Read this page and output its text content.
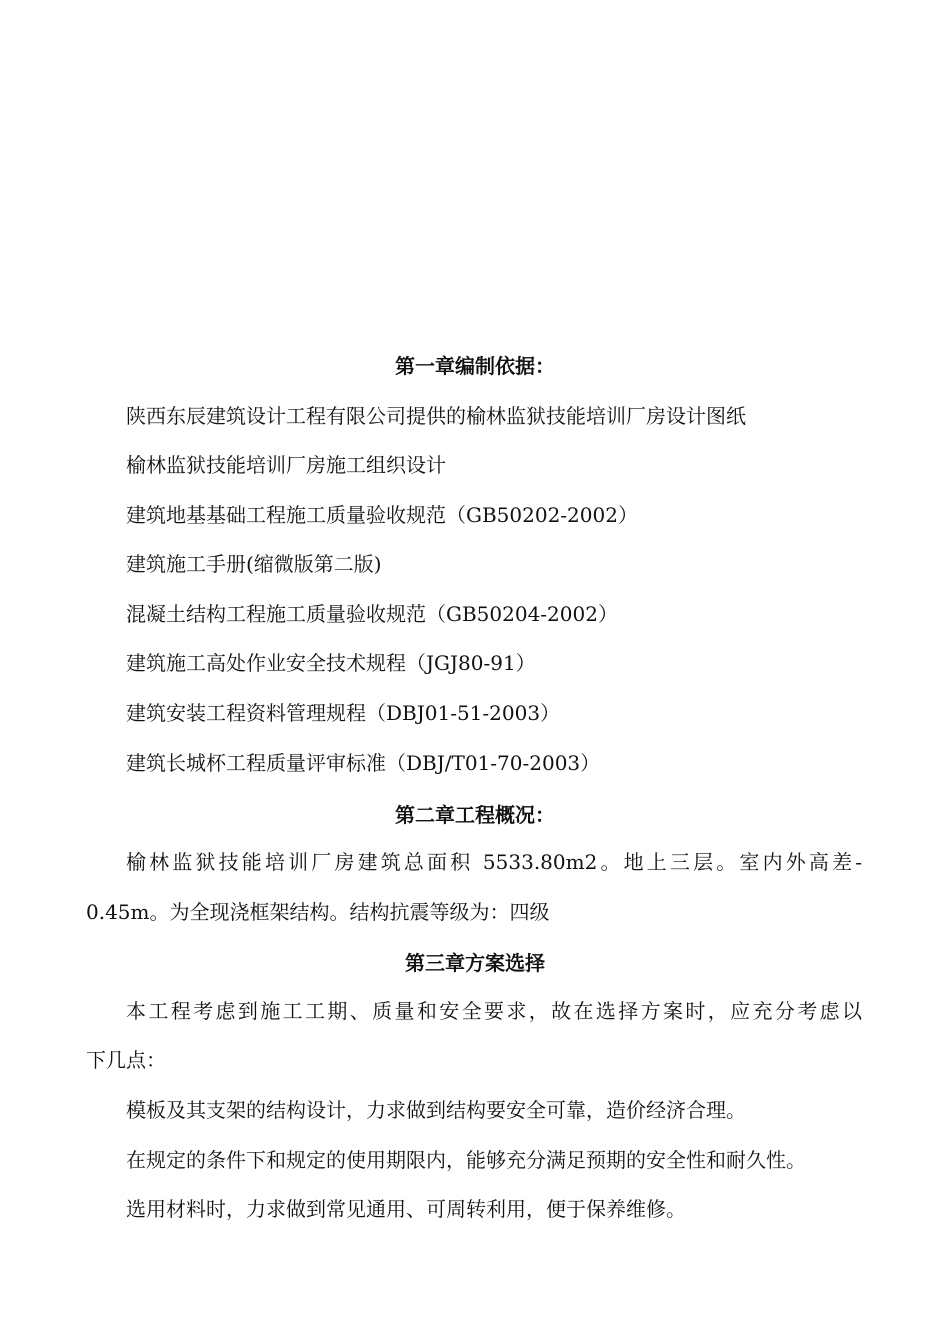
第一章编制依据：
陕西东辰建筑设计工程有限公司提供的榆林监狱技能培训厂房设计图纸
榆林监狱技能培训厂房施工组织设计
建筑地基基础工程施工质量验收规范（GB50202-2002）
建筑施工手册(缩微版第二版)
混凝土结构工程施工质量验收规范（GB50204-2002）
建筑施工高处作业安全技术规程（JGJ80-91）
建筑安装工程资料管理规程（DBJ01-51-2003）
建筑长城杯工程质量评审标准（DBJ/T01-70-2003）
第二章工程概况：
榆林监狱技能培训厂房建筑总面积 5533.80m2。地上三层。室内外高差-
0.45m。为全现浇框架结构。结构抗震等级为：四级
第三章方案选择
本工程考虑到施工工期、质量和安全要求，故在选择方案时，应充分考虑以
下几点：
模板及其支架的结构设计，力求做到结构要安全可靠，造价经济合理。
在规定的条件下和规定的使用期限内，能够充分满足预期的安全性和耐久性。
选用材料时，力求做到常见通用、可周转利用，便于保养维修。
